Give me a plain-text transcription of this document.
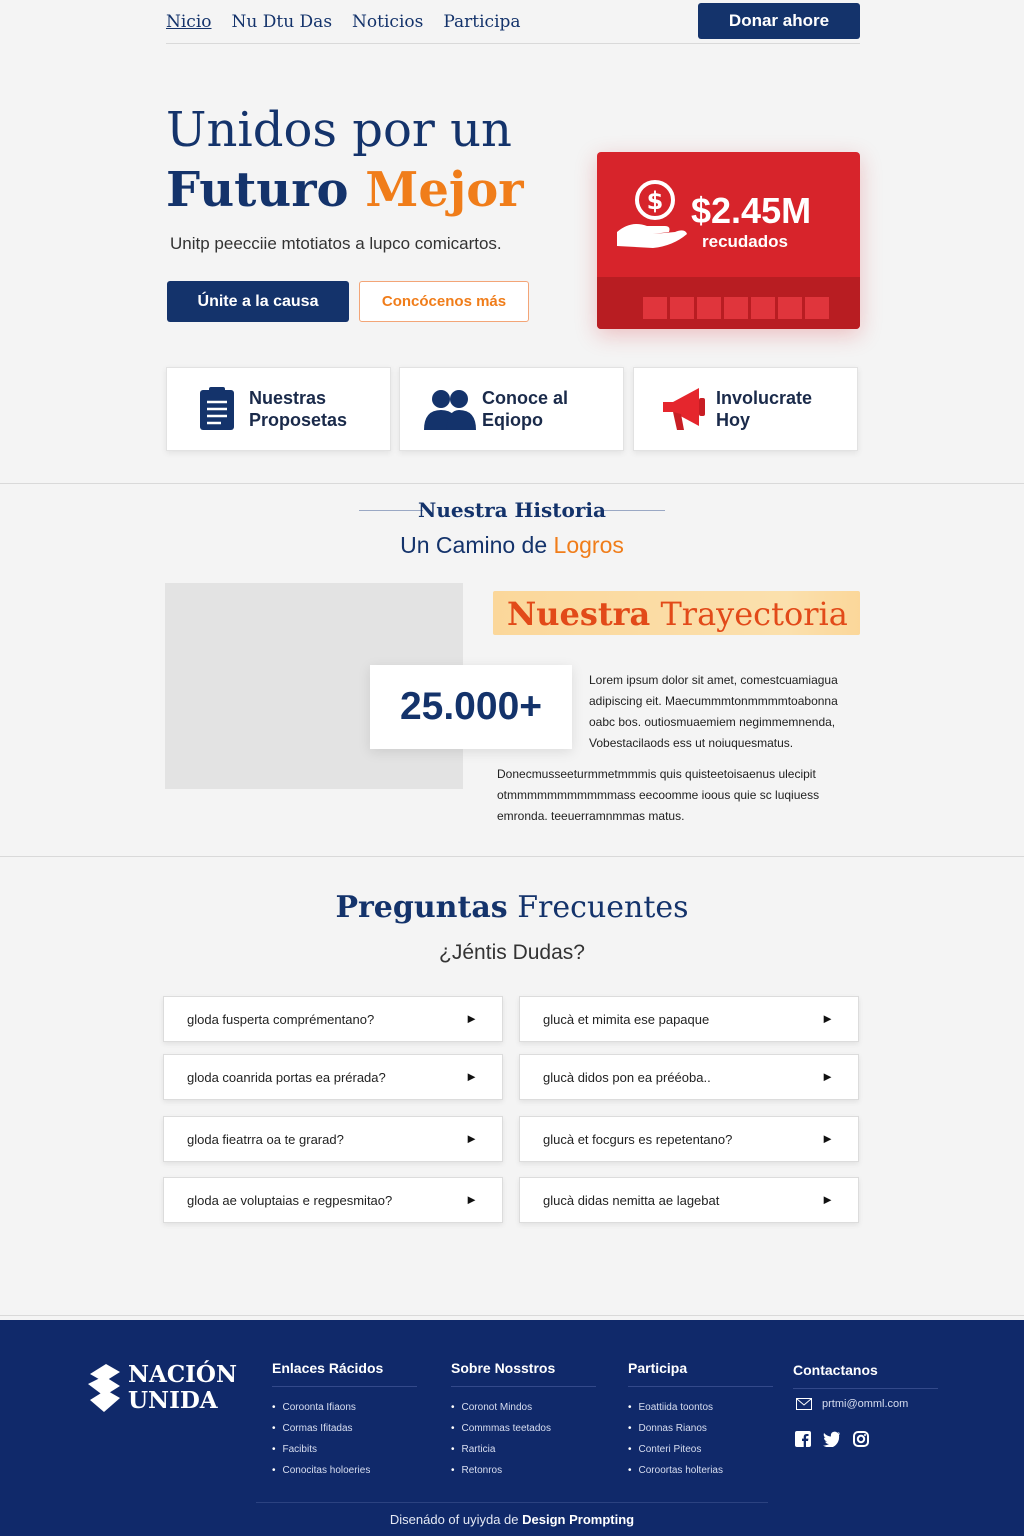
Nicio Nu Dtu Das Noticios Participa	Donar ahore
Unidos por un
Futuro Mejor
Unitp peecciie mtotiatos a lupco comicartos.
Únite a la causa	Concócenos más
$ $2.45M
recudados
Nuestras
Proposetas
Conoce al
Eqiopo
Involucrate
Hoy
Nuestra Historia
Un Camino de Logros
Nuestra Trayectoria
25.000+
Lorem ipsum dolor sit amet, comestcuamiagua adipiscing eit. Maecummmtonmmmmtoabonna oabc bos. outiosmuaemiem negimmemnenda, Vobestacilaods ess ut noiuquesmatus.
Donecmusseeturmmetmmmis quis quisteetoisaenus ulecipit otmmmmmmmmmmmass eecoomme ioous quie sc luqiuess emronda. teeuerramnmmas matus.
Preguntas Frecuentes
¿Jéntis Dudas?
gloda fusperta comprémentano?	►	glucà et mimita ese papaque	►
gloda coanrida portas ea prérada?	►	glucà didos pon ea prééoba..	►
gloda fieatrra oa te grarad?	►	glucà et focgurs es repetentano?	►
gloda ae voluptaias e regpesmitao?	►	glucà didas nemitta ae lagebat	►
NACIÓN
UNIDA
Enlaces Rácidos
• Coroonta Ifiaons
• Cormas Ifitadas
• Facibits
• Conocitas holoeries
Sobre Nosstros
• Coronot Mindos
• Commmas teetados
• Rarticia
• Retonros
Participa
• Eoattiida toontos
• Donnas Rianos
• Conteri Piteos
• Coroortas holterias
Contactanos
prtmi@omml.com
Disenádo of uyiyda de Design Prompting
